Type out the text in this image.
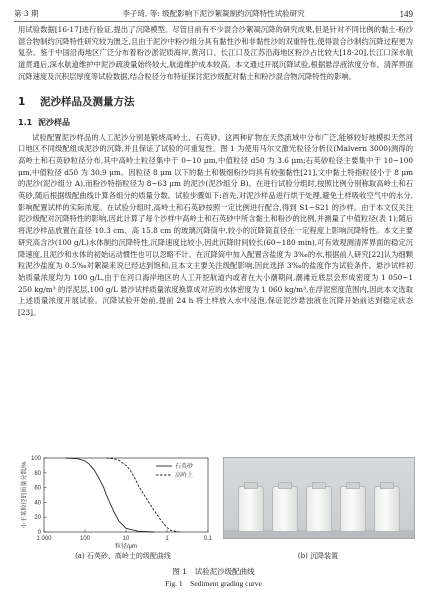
第 3 期	李子琦, 等: 级配影响下泥沙絮凝制约沉降特性试验研究	149

用试验数据[16-17]进行验证,提出了沉降模型。尽管目前有不少混合沙絮凝沉降的研究成果,但是针对不同比例的黏土-粉沙混合物制约沉降特性研究较为匮乏,且由于泥沙中粉沙组分具有黏性沙和非黏性沙的双重特性,使得混合沙制约沉降过程更为复杂。鉴于中国沿海地区广泛分布着粉沙淤泥质海岸,黄河口、长江口及江苏沿海地区粉沙占比较大[18-20],长江口深水航道贯通后,深水航道维护中泥沙疏浚量始终较大,航道维护成本较高。本文通过开展沉降试验,根据悬浮液浓度分布、清浑界面沉降速度及沉积层厚度等试验数据,结合粒径分布特征探讨泥沙级配对黏土和粉沙混合物沉降特性的影响。

1 泥沙样品及测量方法
1.1 泥沙样品

试验配置泥沙样品的人工泥沙分别是锻烧高岭土、石英砂。这两种矿物在天然流域中分布广泛,能够较好地模拟天然河口地区不同级配组成泥沙的沉降,并且保证了试验的可重复性。图 1 为使用马尔文激光粒径分析仪(Malvern 3000)测得的高岭土和石英砂粒径分布,其中高岭土粒径集中于 0~10 μm,中值粒径 d50 为 3.6 μm;石英砂粒径主要集中于 10~100 μm,中值粒径 d50 为 30.9 μm。因粒径 8 μm 以下的黏土和极细粉沙均具有较强黏性[21],文中黏土特指粒径小于 8 μm 的泥沙(泥沙组分 A),而粉沙特指粒径为 8~63 μm 的泥沙(泥沙组分 B)。在进行试验分组时,按照比例分别称取高岭土和石英砂,随后根据级配曲线计算各组分的质量分数。试验步骤如下:首先,对泥沙样品进行烘干处理,避免土样吸收空气中的水分,影响配置试样的实际浓度。在试验分组时,高岭土和石英砂按照一定比例进行配合,得到 S1~S21 的沙样。由于本文仅关注泥沙级配对沉降特性的影响,因此计算了每个沙样中高岭土和石英砂中所含黏土和粉沙的比例,并测量了中值粒径(表 1);随后将泥沙样品放置在直径 10.3 cm、高 15.8 cm 的玻璃沉降筒中,较小的沉降筒直径在一定程度上影响沉降特性。本文主要研究高含沙(100 g/L)水体制约沉降特性,沉降速度比较小,因此沉降时间较长(60~180 min),可有效观测清浑界面的稳定沉降速度,且泥沙和水体的初始运动惯性也可以忽略不计。在沉降筒中加入配置含盐度为 3‰的水,根据前人研究[22]认为细颗粒泥沙盐度为 0.5‰对絮凝来说已经达到饱和,且本文主要关注级配影响,因此选择 3‰的盐度作为试验条件。悬沙试样初始质量浓度均为 100 g/L,由于在河口海岸地区的人工开挖航道内或者在大小潮期间,潮滩近底层会形成密度为 1 050~1 250 kg/m³ 的浮泥层,100 g/L 悬沙试样质量浓度换算成对应的水体密度为 1 060 kg/m³,在浮泥密度范围内,因此本文选取上述质量浓度开展试验。沉降试验开始前,提前 24 h 将土样放入水中浸泡,保证泥沙悬浊液在沉降开始前达到稳定状态[23]。

1 000	100	10	1	0.1
0
20
40
60
80
100
粒径/μm
小于某粒径的质量分数/%	石英砂
高岭土
(a) 石英砂、高岭土的级配曲线	(b) 沉降装置
图 1　试验泥沙级配曲线
Fig. 1　Sediment grading curve
